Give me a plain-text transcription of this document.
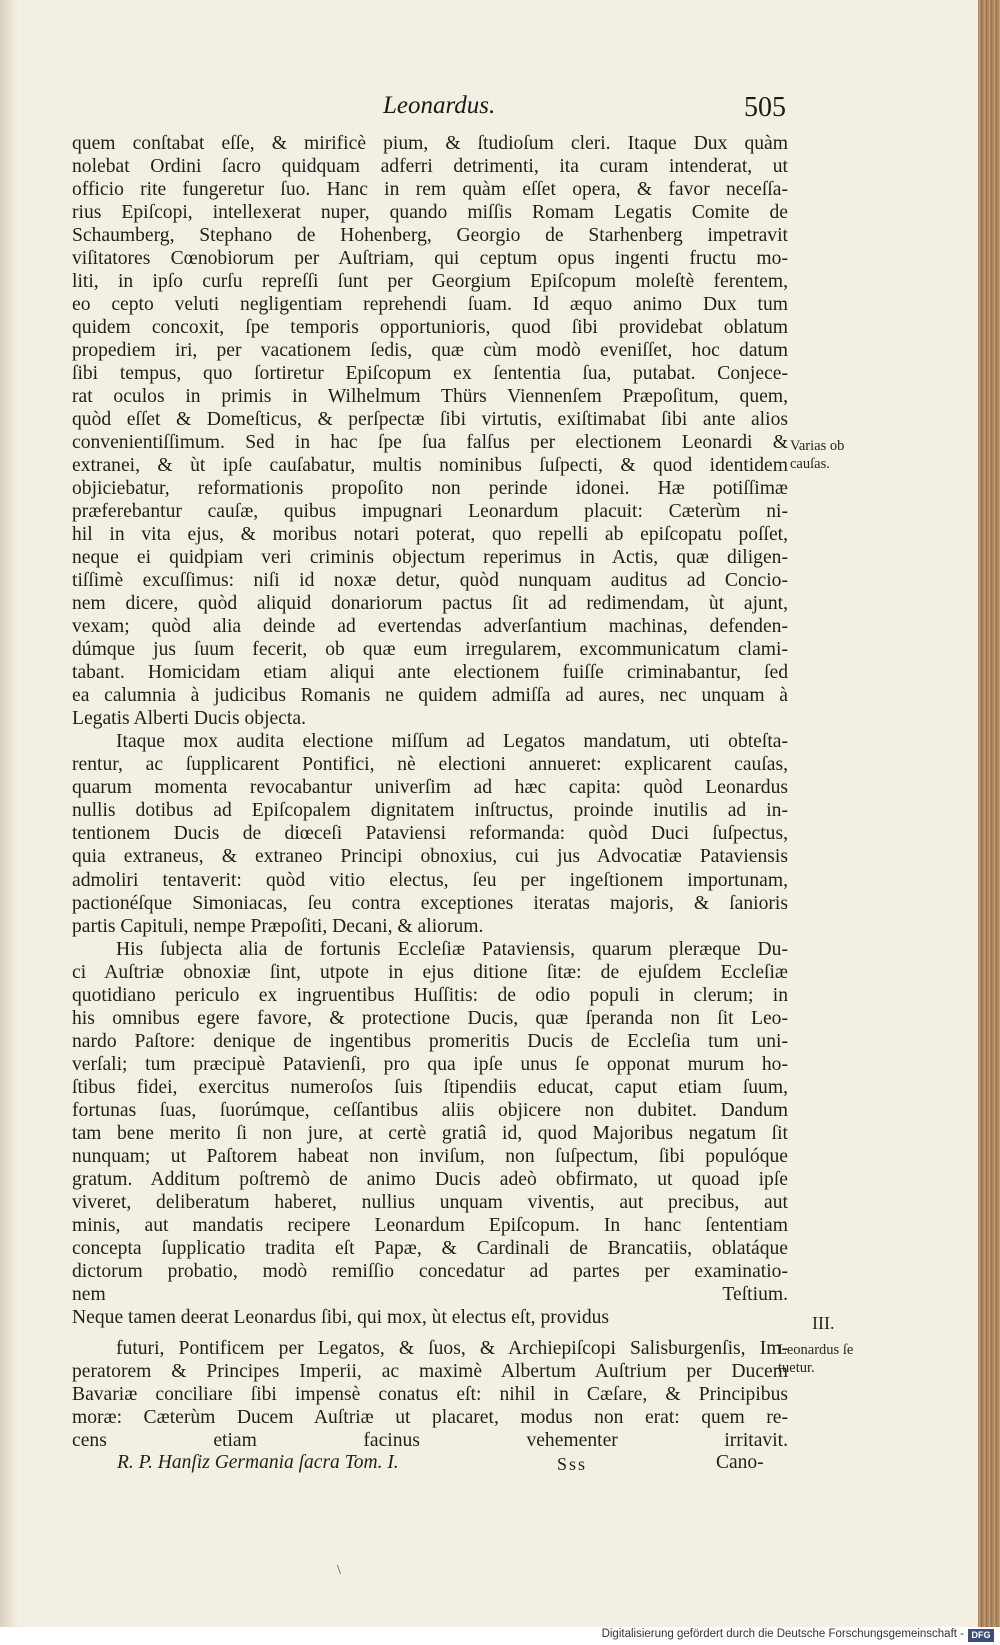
Leonardus.	505
quem conſtabat eſſe, & mirificè pium, & ſtudioſum cleri. Itaque Dux quàm
nolebat Ordini ſacro quidquam adferri detrimenti, ita curam intenderat, ut
officio rite fungeretur ſuo. Hanc in rem quàm eſſet opera, & favor neceſſa-
rius Epiſcopi, intellexerat nuper, quando miſſis Romam Legatis Comite de
Schaumberg, Stephano de Hohenberg, Georgio de Starhenberg impetravit
viſitatores Cœnobiorum per Auſtriam, qui ceptum opus ingenti fructu mo-
liti, in ipſo curſu repreſſi ſunt per Georgium Epiſcopum moleſtè ferentem,
eo cepto veluti negligentiam reprehendi ſuam. Id æquo animo Dux tum
quidem concoxit, ſpe temporis opportunioris, quod ſibi providebat oblatum
propediem iri, per vacationem ſedis, quæ cùm modò eveniſſet, hoc datum
ſibi tempus, quo ſortiretur Epiſcopum ex ſententia ſua, putabat. Conjece-
rat oculos in primis in Wilhelmum Thürs Viennenſem Præpoſitum, quem,
quòd eſſet & Domeſticus, & perſpectæ ſibi virtutis, exiſtimabat ſibi ante alios
convenientiſſimum. Sed in hac ſpe ſua falſus per electionem Leonardi &
extranei, & ùt ipſe cauſabatur, multis nominibus ſuſpecti, & quod identidem
objiciebatur, reformationis propoſito non perinde idonei. Hæ potiſſimæ
præferebantur cauſæ, quibus impugnari Leonardum placuit: Cæterùm ni-
hil in vita ejus, & moribus notari poterat, quo repelli ab epiſcopatu poſſet,
neque ei quidpiam veri criminis objectum reperimus in Actis, quæ diligen-
tiſſimè excuſſimus: niſi id noxæ detur, quòd nunquam auditus ad Concio-
nem dicere, quòd aliquid donariorum pactus ſit ad redimendam, ùt ajunt,
vexam; quòd alia deinde ad evertendas adverſantium machinas, defenden-
dúmque jus ſuum fecerit, ob quæ eum irregularem, excommunicatum clami-
tabant. Homicidam etiam aliqui ante electionem fuiſſe criminabantur, ſed
ea calumnia à judicibus Romanis ne quidem admiſſa ad aures, nec unquam à
Legatis Alberti Ducis objecta.
Itaque mox audita electione miſſum ad Legatos mandatum, uti obteſta-
rentur, ac ſupplicarent Pontifici, nè electioni annueret: explicarent cauſas,
quarum momenta revocabantur univerſim ad hæc capita: quòd Leonardus
nullis dotibus ad Epiſcopalem dignitatem inſtructus, proinde inutilis ad in-
tentionem Ducis de diœceſi Pataviensi reformanda: quòd Duci ſuſpectus,
quia extraneus, & extraneo Principi obnoxius, cui jus Advocatiæ Pataviensis
admoliri tentaverit: quòd vitio electus, ſeu per ingeſtionem importunam,
pactionéſque Simoniacas, ſeu contra exceptiones iteratas majoris, & ſanioris
partis Capituli, nempe Præpoſiti, Decani, & aliorum.
His ſubjecta alia de fortunis Eccleſiæ Pataviensis, quarum pleræque Du-
ci Auſtriæ obnoxiæ ſint, utpote in ejus ditione ſitæ: de ejuſdem Eccleſiæ
quotidiano periculo ex ingruentibus Huſſitis: de odio populi in clerum; in
his omnibus egere favore, & protectione Ducis, quæ ſperanda non ſit Leo-
nardo Paſtore: denique de ingentibus promeritis Ducis de Eccleſia tum uni-
verſali; tum præcipuè Patavienſi, pro qua ipſe unus ſe opponat murum ho-
ſtibus fidei, exercitus numeroſos ſuis ſtipendiis educat, caput etiam ſuum,
fortunas ſuas, ſuorúmque, ceſſantibus aliis objicere non dubitet. Dandum
tam bene merito ſi non jure, at certè gratiâ id, quod Majoribus negatum ſit
nunquam; ut Paſtorem habeat non inviſum, non ſuſpectum, ſibi populóque
gratum. Additum poſtremò de animo Ducis adeò obfirmato, ut quoad ipſe
viveret, deliberatum haberet, nullius unquam viventis, aut precibus, aut
minis, aut mandatis recipere Leonardum Epiſcopum. In hanc ſententiam
concepta ſupplicatio tradita eſt Papæ, & Cardinali de Brancatiis, oblatáque
dictorum probatio, modò remiſſio concedatur ad partes per examinatio-
nem Teſtium.
Neque tamen deerat Leonardus ſibi, qui mox, ùt electus eſt, providus
futuri, Pontificem per Legatos, & ſuos, & Archiepiſcopi Salisburgenſis, Im-
peratorem & Principes Imperii, ac maximè Albertum Auſtrium per Ducem
Bavariæ conciliare ſibi impensè conatus eſt: nihil in Cæſare, & Principibus
moræ: Cæterùm Ducem Auſtriæ ut placaret, modus non erat: quem re-
cens etiam facinus vehementer irritavit.
Varias ob
cauſas.
III.
Leonardus ſe
tuetur.
R. P. Hanſiz Germania ſacra Tom. I.	Sss	Cano-
\
Digitalisierung gefördert durch die Deutsche Forschungsgemeinschaft - DFG
